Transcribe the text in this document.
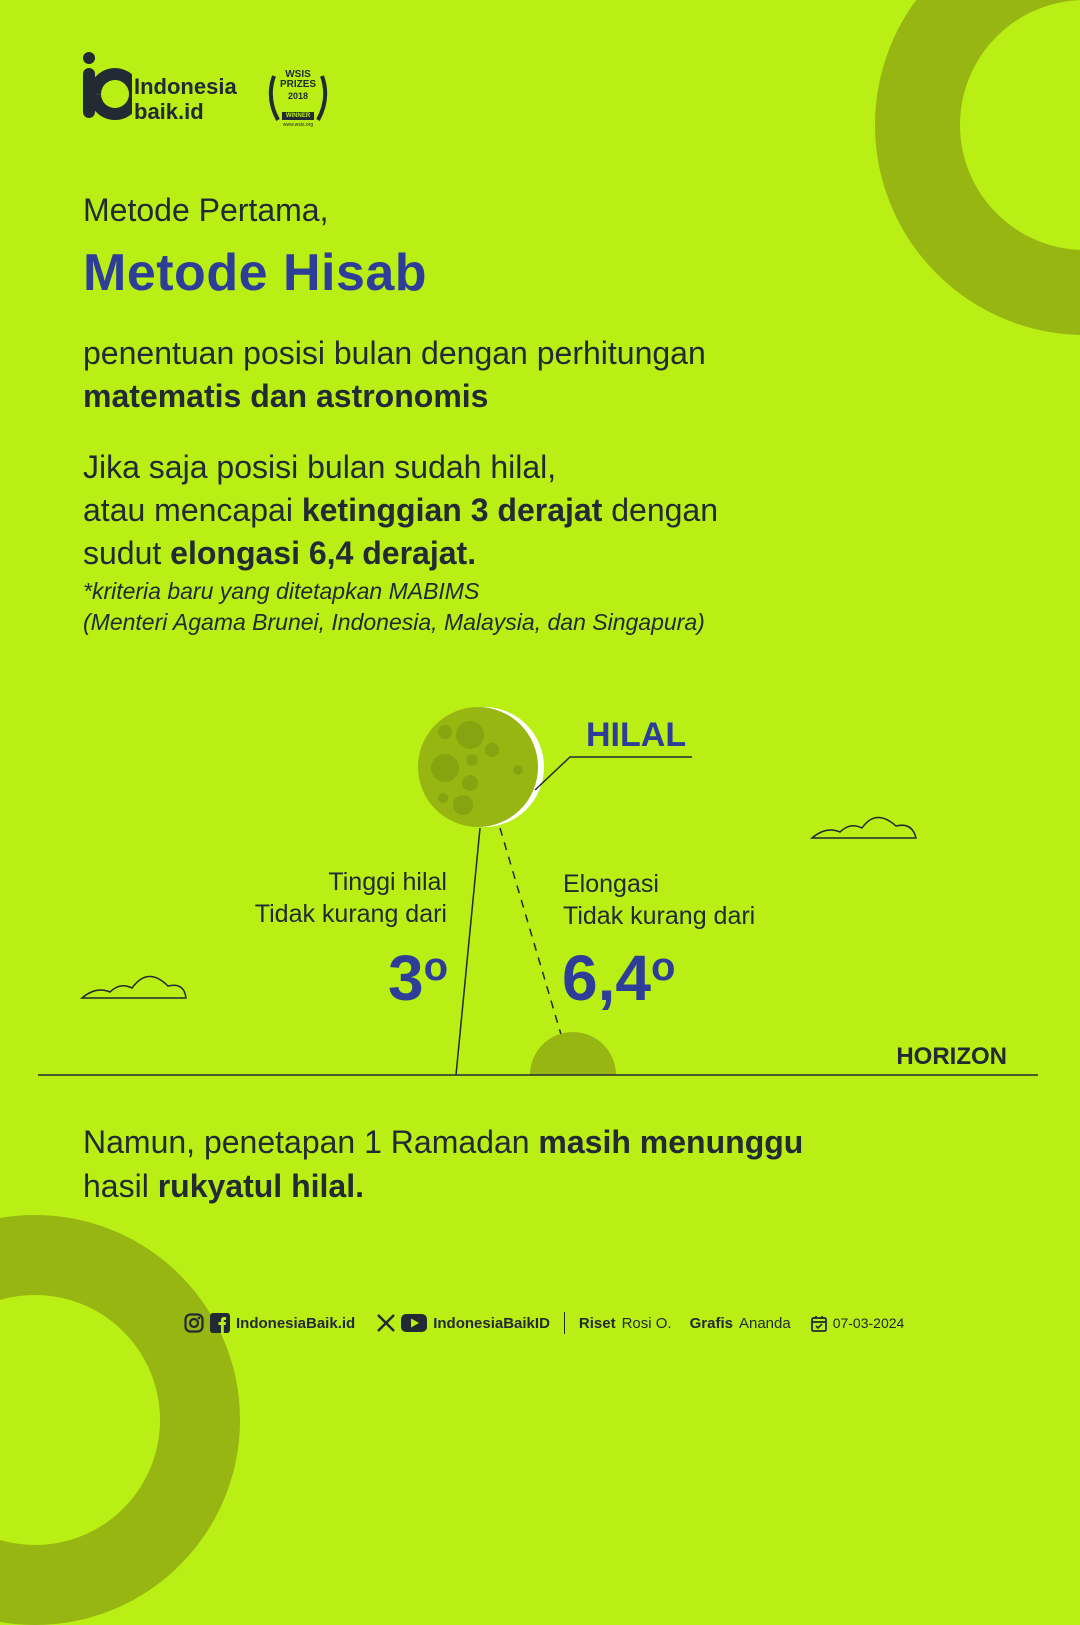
Indonesia
baik.id
WSIS
PRIZES
2018
WINNER
www.wsis.org
Metode Pertama,
Metode Hisab
penentuan posisi bulan dengan perhitungan
matematis dan astronomis
Jika saja posisi bulan sudah hilal,
atau mencapai ketinggian 3 derajat dengan
sudut elongasi 6,4 derajat.
*kriteria baru yang ditetapkan MABIMS
(Menteri Agama Brunei, Indonesia, Malaysia, dan Singapura)
HILAL
Tinggi hilal
Tidak kurang dari
3$^o$
Elongasi
Tidak kurang dari
6,4$^o$
HORIZON
Namun, penetapan 1 Ramadan masih menunggu
hasil rukyatul hilal.
IndonesiaBaik.id	IndonesiaBaikID Riset Rosi O. Grafis Ananda	07-03-2024
